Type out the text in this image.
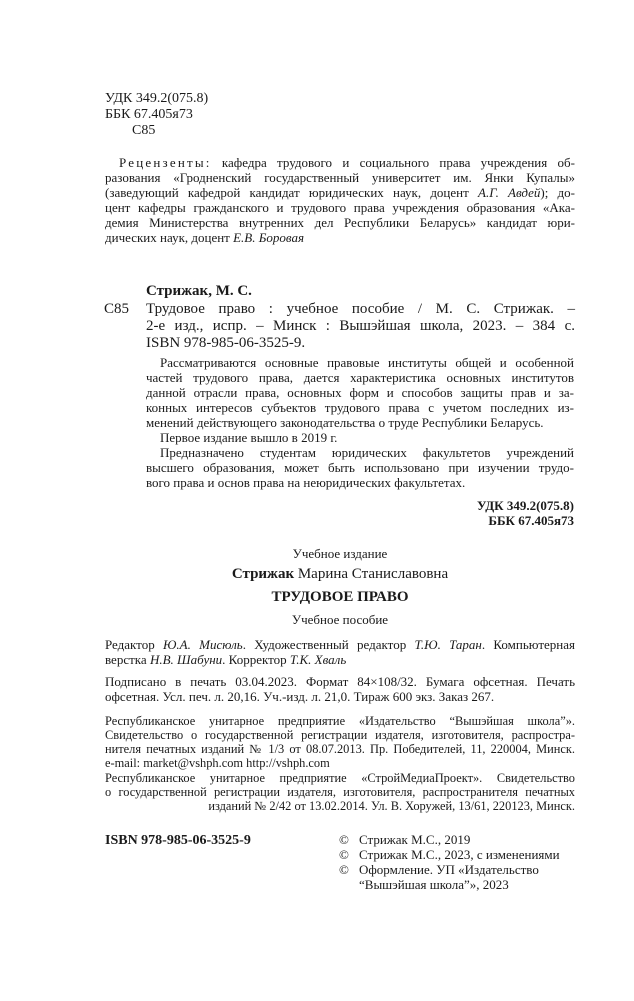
УДК 349.2(075.8)
ББК 67.405я73
С85
Рецензенты: кафедра трудового и социального права учреждения об-
разования «Гродненский государственный университет им. Янки Купалы»
(заведующий кафедрой кандидат юридических наук, доцент А.Г. Авдей); до-
цент кафедры гражданского и трудового права учреждения образования «Ака-
демия Министерства внутренних дел Республики Беларусь» кандидат юри-
дических наук, доцент Е.В. Боровая
Стрижак, М. С.
С85 Трудовое право : учебное пособие / М. С. Стрижак. –
2-е изд., испр. – Минск : Вышэйшая школа, 2023. – 384 с.
ISBN 978-985-06-3525-9.
Рассматриваются основные правовые институты общей и особенной
частей трудового права, дается характеристика основных институтов
данной отрасли права, основных форм и способов защиты прав и за-
конных интересов субъектов трудового права с учетом последних из-
менений действующего законодательства о труде Республики Беларусь.
Первое издание вышло в 2019 г.
Предназначено студентам юридических факультетов учреждений
высшего образования, может быть использовано при изучении трудо-
вого права и основ права на неюридических факультетах.
УДК 349.2(075.8)
ББК 67.405я73
Учебное издание
Стрижак Марина Станиславовна
ТРУДОВОЕ ПРАВО
Учебное пособие
Редактор Ю.А. Мисюль. Художественный редактор Т.Ю. Таран. Компьютерная
верстка Н.В. Шабуни. Корректор Т.К. Хваль
Подписано в печать 03.04.2023. Формат 84×108/32. Бумага офсетная. Печать
офсетная. Усл. печ. л. 20,16. Уч.-изд. л. 21,0. Тираж 600 экз. Заказ 267.
Республиканское унитарное предприятие «Издательство “Вышэйшая школа”».
Свидетельство о государственной регистрации издателя, изготовителя, распростра-
нителя печатных изданий № 1/3 от 08.07.2013. Пр. Победителей, 11, 220004, Минск.
e-mail: market@vshph.com http://vshph.com
Республиканское унитарное предприятие «СтройМедиаПроект». Свидетельство
о государственной регистрации издателя, изготовителя, распространителя печатных
изданий № 2/42 от 13.02.2014. Ул. В. Хоружей, 13/61, 220123, Минск.
ISBN 978-985-06-3525-9	© Стрижак М.С., 2019
© Стрижак М.С., 2023, с изменениями
© Оформление. УП «Издательство
“Вышэйшая школа”», 2023
